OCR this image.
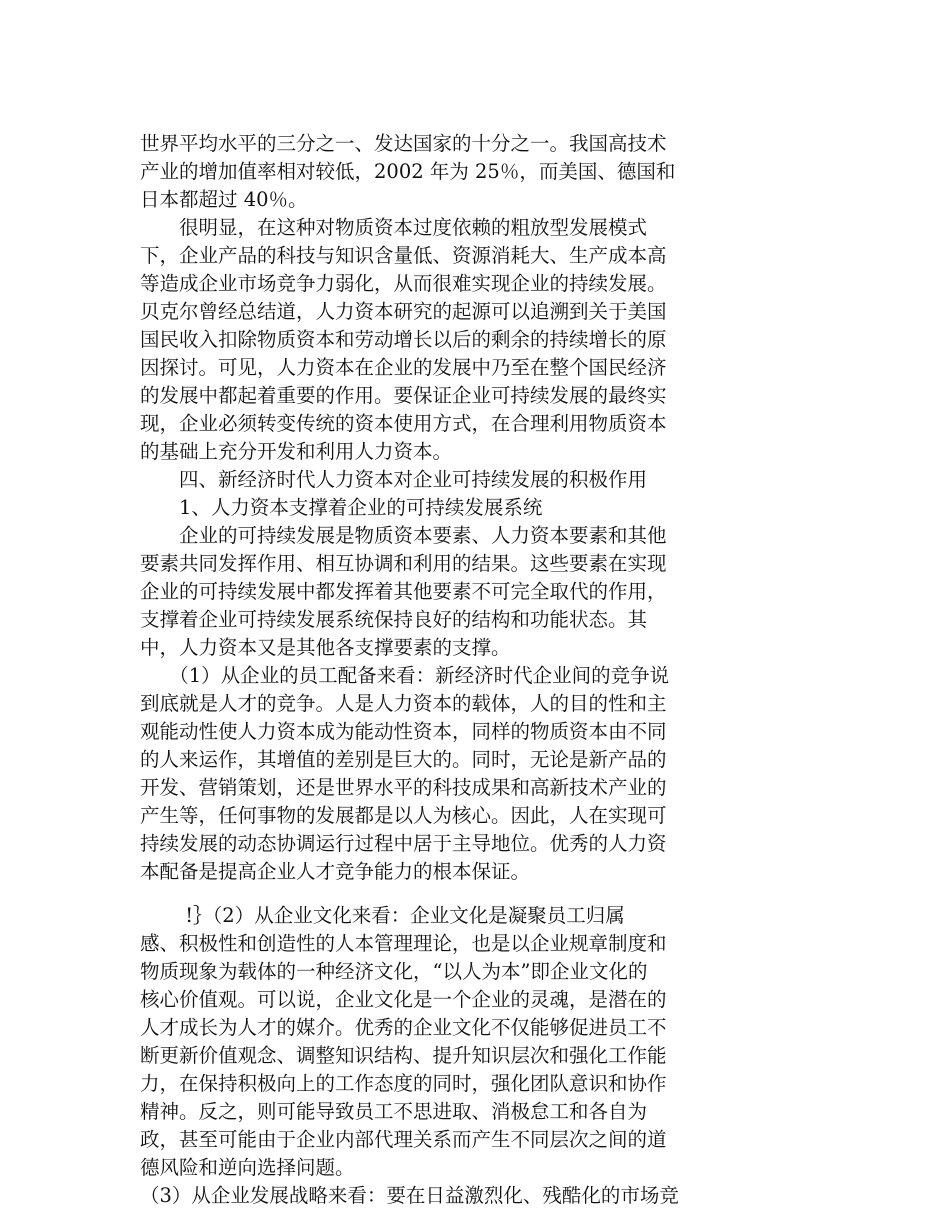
世界平均水平的三分之一、发达国家的十分之一。我国高技术
产业的增加值率相对较低，2002 年为 25％，而美国、德国和
日本都超过 40％。
　　很明显，在这种对物质资本过度依赖的粗放型发展模式
下，企业产品的科技与知识含量低、资源消耗大、生产成本高
等造成企业市场竞争力弱化，从而很难实现企业的持续发展。
贝克尔曾经总结道，人力资本研究的起源可以追溯到关于美国
国民收入扣除物质资本和劳动增长以后的剩余的持续增长的原
因探讨。可见，人力资本在企业的发展中乃至在整个国民经济
的发展中都起着重要的作用。要保证企业可持续发展的最终实
现，企业必须转变传统的资本使用方式，在合理利用物质资本
的基础上充分开发和利用人力资本。
　　四、新经济时代人力资本对企业可持续发展的积极作用
　　1、人力资本支撑着企业的可持续发展系统
　　企业的可持续发展是物质资本要素、人力资本要素和其他
要素共同发挥作用、相互协调和利用的结果。这些要素在实现
企业的可持续发展中都发挥着其他要素不可完全取代的作用，
支撑着企业可持续发展系统保持良好的结构和功能状态。其
中，人力资本又是其他各支撑要素的支撑。
　　（1）从企业的员工配备来看：新经济时代企业间的竞争说
到底就是人才的竞争。人是人力资本的载体，人的目的性和主
观能动性使人力资本成为能动性资本，同样的物质资本由不同
的人来运作，其增值的差别是巨大的。同时，无论是新产品的
开发、营销策划，还是世界水平的科技成果和高新技术产业的
产生等，任何事物的发展都是以人为核心。因此，人在实现可
持续发展的动态协调运行过程中居于主导地位。优秀的人力资
本配备是提高企业人才竞争能力的根本保证。
　　 !｝（2）从企业文化来看：企业文化是凝聚员工归属
感、积极性和创造性的人本管理理论，也是以企业规章制度和
物质现象为载体的一种经济文化，“以人为本”即企业文化的
核心价值观。可以说，企业文化是一个企业的灵魂，是潜在的
人才成长为人才的媒介。优秀的企业文化不仅能够促进员工不
断更新价值观念、调整知识结构、提升知识层次和强化工作能
力，在保持积极向上的工作态度的同时，强化团队意识和协作
精神。反之，则可能导致员工不思进取、消极怠工和各自为
政，甚至可能由于企业内部代理关系而产生不同层次之间的道
德风险和逆向选择问题。
（3）从企业发展战略来看：要在日益激烈化、残酷化的市场竞
